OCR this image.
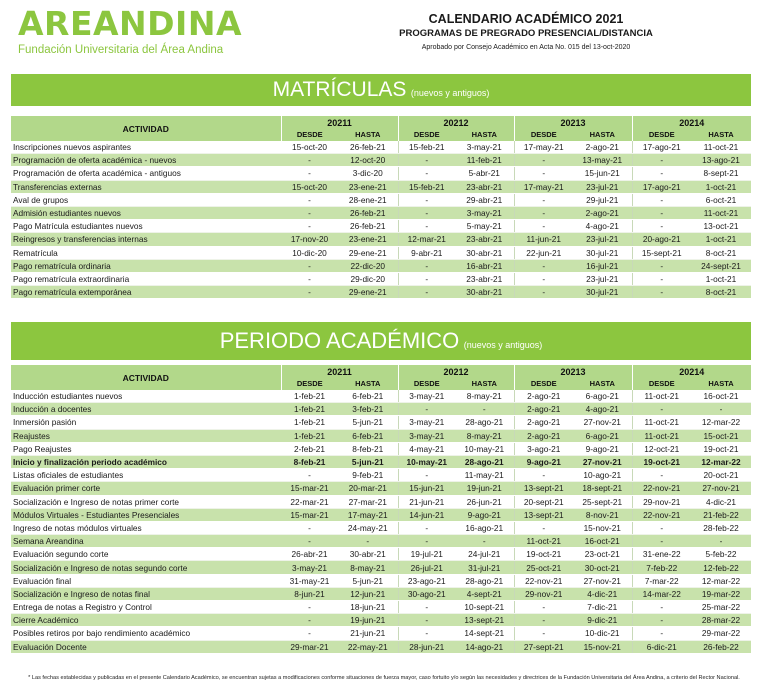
AREANDINA
Fundación Universitaria del Área Andina
CALENDARIO ACADÉMICO 2021
PROGRAMAS DE PREGRADO PRESENCIAL/DISTANCIA
Aprobado por Consejo Académico en Acta No. 015 del 13-oct-2020
MATRÍCULAS (nuevos y antiguos)
ACTIVIDAD	20211		20212		20213		20214	
	DESDE	HASTA	DESDE	HASTA	DESDE	HASTA	DESDE	HASTA
Inscripciones nuevos aspirantes	15-oct-20	26-feb-21	15-feb-21	3-may-21	17-may-21	2-ago-21	17-ago-21	11-oct-21
Programación de oferta académica - nuevos	-	12-oct-20	-	11-feb-21	-	13-may-21	-	13-ago-21
Programación de oferta académica - antiguos	-	3-dic-20	-	5-abr-21	-	15-jun-21	-	8-sept-21
Transferencias externas	15-oct-20	23-ene-21	15-feb-21	23-abr-21	17-may-21	23-jul-21	17-ago-21	1-oct-21
Aval de grupos	-	28-ene-21	-	29-abr-21	-	29-jul-21	-	6-oct-21
Admisión estudiantes nuevos	-	26-feb-21	-	3-may-21	-	2-ago-21	-	11-oct-21
Pago Matrícula estudiantes nuevos	-	26-feb-21	-	5-may-21	-	4-ago-21	-	13-oct-21
Reingresos y transferencias internas	17-nov-20	23-ene-21	12-mar-21	23-abr-21	11-jun-21	23-jul-21	20-ago-21	1-oct-21
Rematrícula	10-dic-20	29-ene-21	9-abr-21	30-abr-21	22-jun-21	30-jul-21	15-sept-21	8-oct-21
Pago rematrícula ordinaria	-	22-dic-20	-	16-abr-21	-	16-jul-21	-	24-sept-21
Pago rematrícula extraordinaria	-	29-dic-20	-	23-abr-21	-	23-jul-21	-	1-oct-21
Pago rematrícula extemporánea	-	29-ene-21	-	30-abr-21	-	30-jul-21	-	8-oct-21
PERIODO ACADÉMICO (nuevos y antiguos)
ACTIVIDAD	20211		20212		20213		20214	
	DESDE	HASTA	DESDE	HASTA	DESDE	HASTA	DESDE	HASTA
Inducción estudiantes nuevos	1-feb-21	6-feb-21	3-may-21	8-may-21	2-ago-21	6-ago-21	11-oct-21	16-oct-21
Inducción a docentes	1-feb-21	3-feb-21	-	-	2-ago-21	4-ago-21	-	-
Inmersión pasión	1-feb-21	5-jun-21	3-may-21	28-ago-21	2-ago-21	27-nov-21	11-oct-21	12-mar-22
Reajustes	1-feb-21	6-feb-21	3-may-21	8-may-21	2-ago-21	6-ago-21	11-oct-21	15-oct-21
Pago Reajustes	2-feb-21	8-feb-21	4-may-21	10-may-21	3-ago-21	9-ago-21	12-oct-21	19-oct-21
Inicio y finalización periodo académico	8-feb-21	5-jun-21	10-may-21	28-ago-21	9-ago-21	27-nov-21	19-oct-21	12-mar-22
Listas oficiales de estudiantes	-	9-feb-21	-	11-may-21	-	10-ago-21	-	20-oct-21
Evaluación primer corte	15-mar-21	20-mar-21	15-jun-21	19-jun-21	13-sept-21	18-sept-21	22-nov-21	27-nov-21
Socialización e Ingreso de notas primer corte	22-mar-21	27-mar-21	21-jun-21	26-jun-21	20-sept-21	25-sept-21	29-nov-21	4-dic-21
Módulos Virtuales - Estudiantes Presenciales	15-mar-21	17-may-21	14-jun-21	9-ago-21	13-sept-21	8-nov-21	22-nov-21	21-feb-22
Ingreso de notas módulos virtuales	-	24-may-21	-	16-ago-21	-	15-nov-21	-	28-feb-22
Semana Areandina	-	-	-	-	11-oct-21	16-oct-21	-	-
Evaluación segundo corte	26-abr-21	30-abr-21	19-jul-21	24-jul-21	19-oct-21	23-oct-21	31-ene-22	5-feb-22
Socialización e Ingreso de notas segundo corte	3-may-21	8-may-21	26-jul-21	31-jul-21	25-oct-21	30-oct-21	7-feb-22	12-feb-22
Evaluación final	31-may-21	5-jun-21	23-ago-21	28-ago-21	22-nov-21	27-nov-21	7-mar-22	12-mar-22
Socialización e Ingreso de notas final	8-jun-21	12-jun-21	30-ago-21	4-sept-21	29-nov-21	4-dic-21	14-mar-22	19-mar-22
Entrega de notas a Registro y Control	-	18-jun-21	-	10-sept-21	-	7-dic-21	-	25-mar-22
Cierre Académico	-	19-jun-21	-	13-sept-21	-	9-dic-21	-	28-mar-22
Posibles retiros por bajo rendimiento académico	-	21-jun-21	-	14-sept-21	-	10-dic-21	-	29-mar-22
Evaluación Docente	29-mar-21	22-may-21	28-jun-21	14-ago-21	27-sept-21	15-nov-21	6-dic-21	26-feb-22
* Las fechas establecidas y publicadas en el presente Calendario Académico, se encuentran sujetas a modificaciones conforme situaciones de fuerza mayor, caso fortuito y/o según las necesidades y directrices de la Fundación Universitaria del Área Andina, a criterio del Rector Nacional.
